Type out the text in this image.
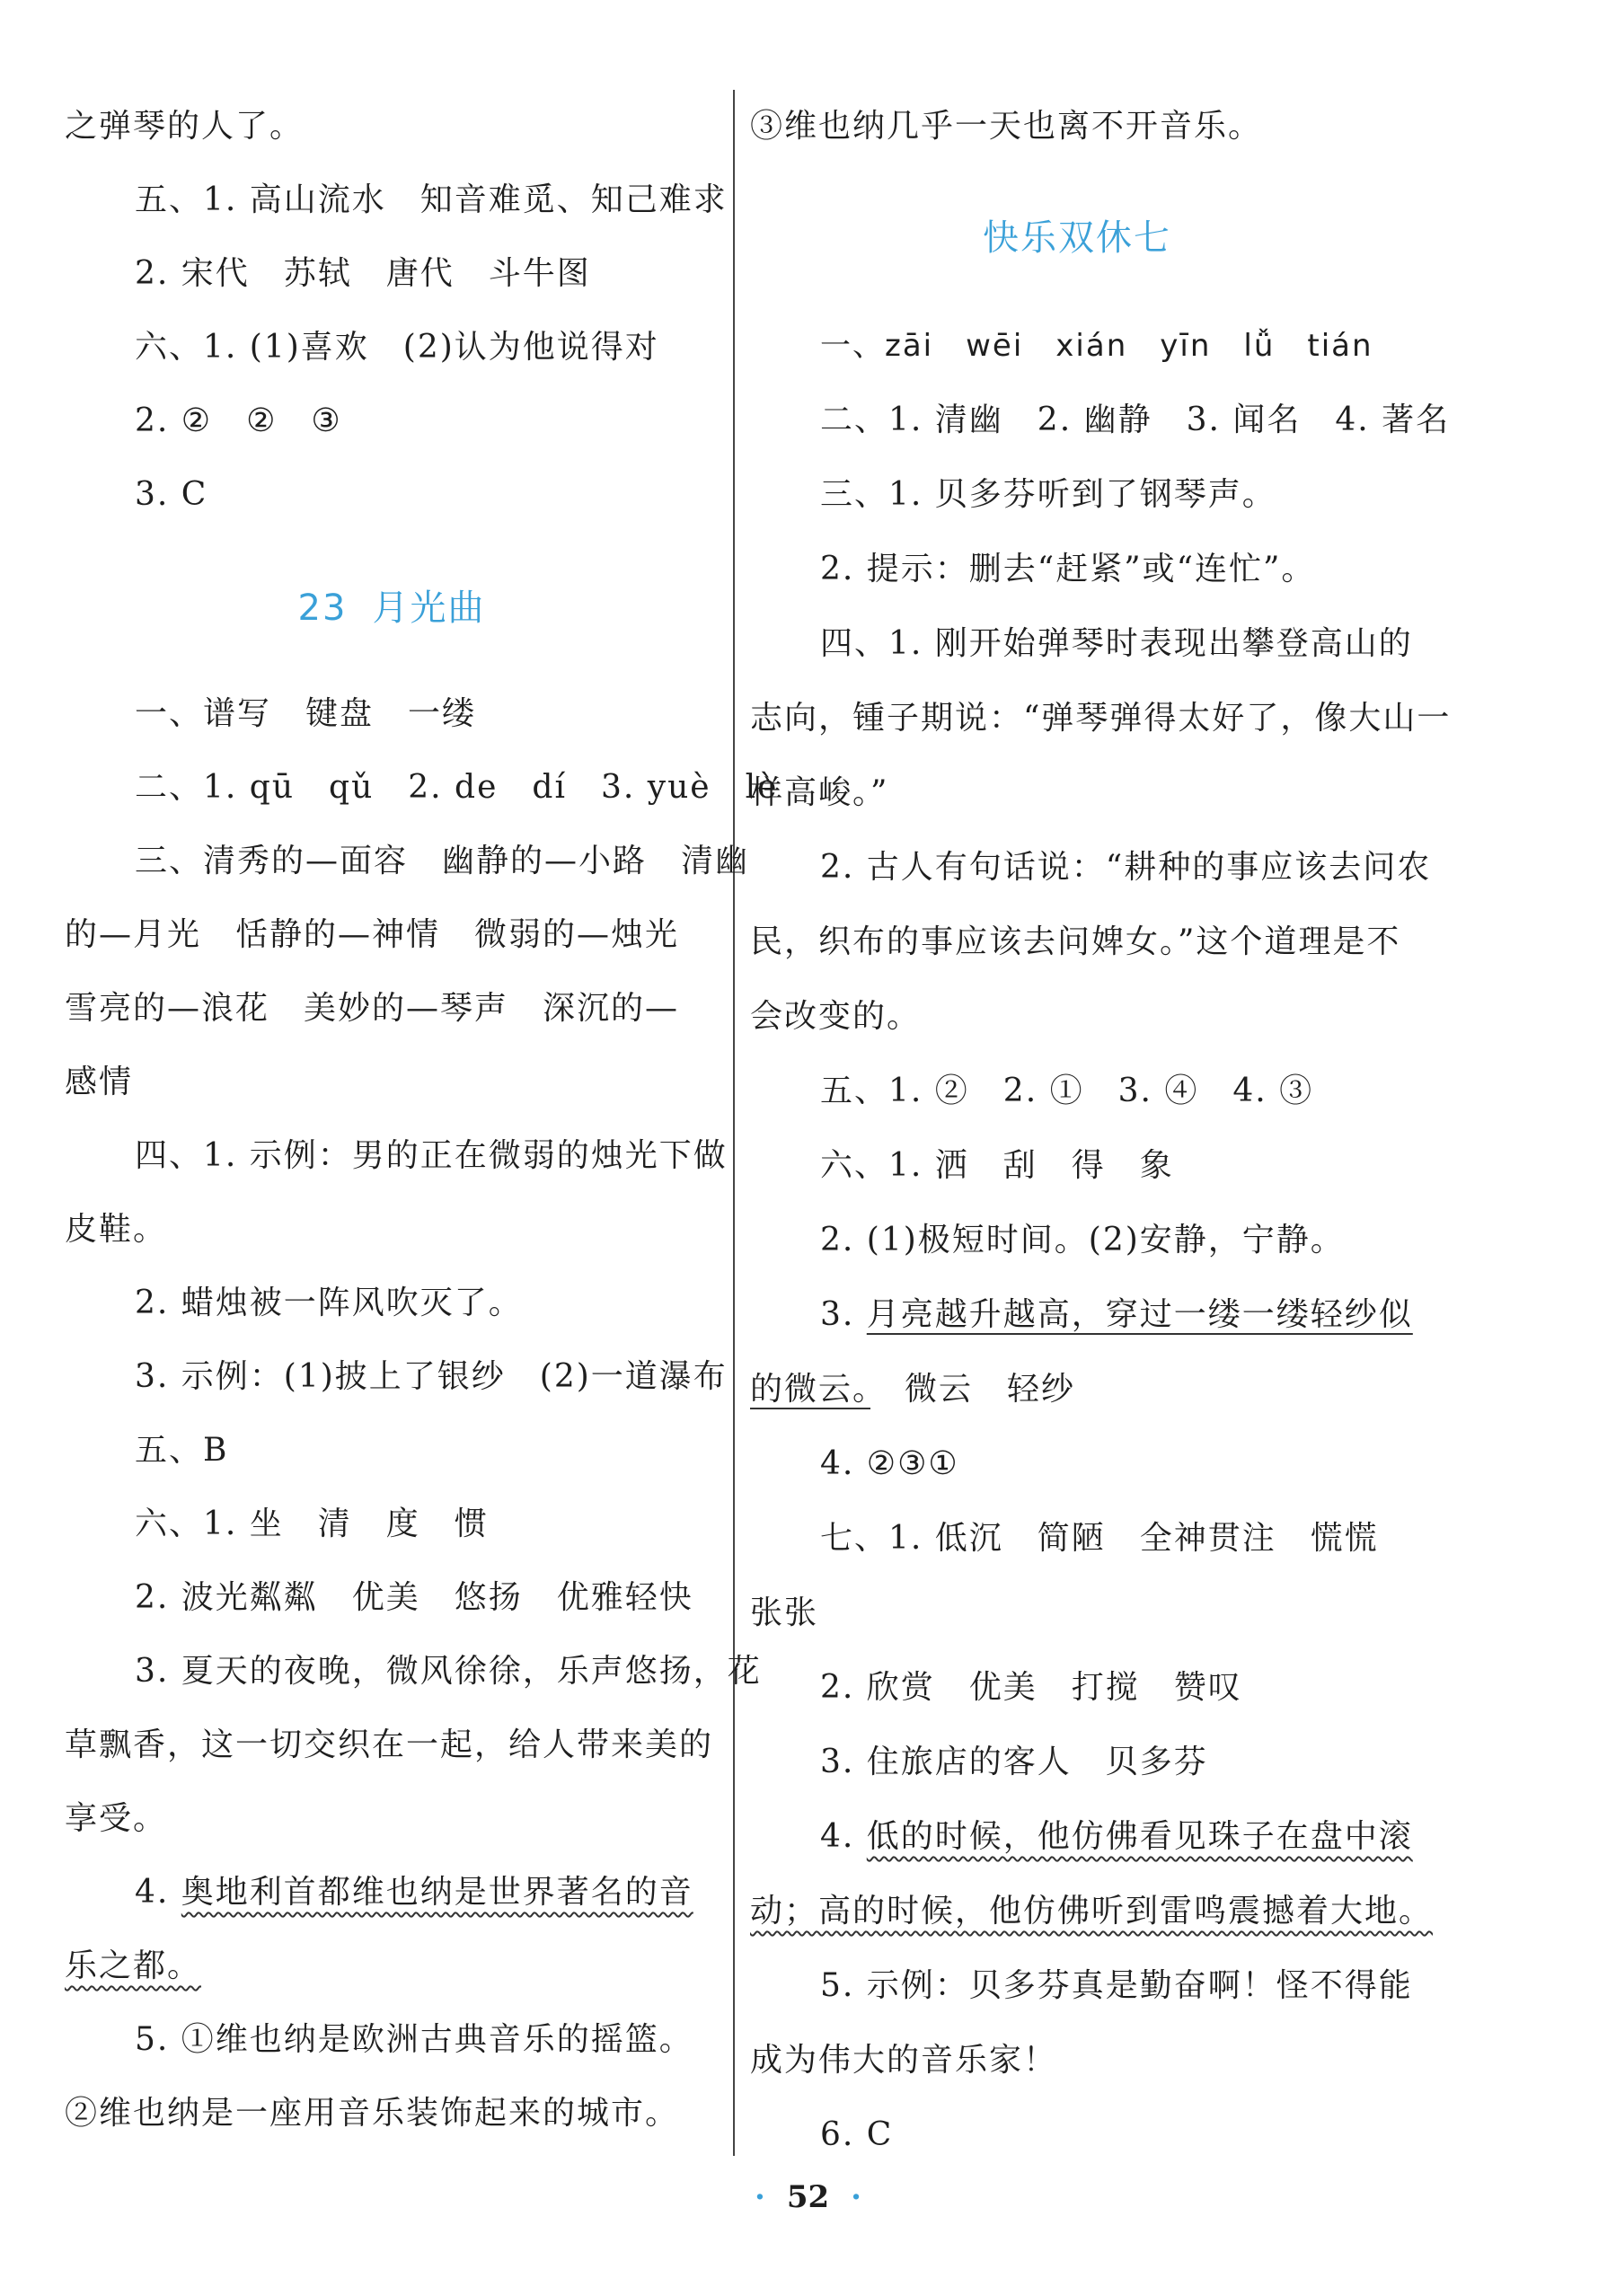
之弹琴的人了。
五、1. 高山流水　知音难觅、知己难求
2. 宋代　苏轼　唐代　斗牛图
六、1. (1)喜欢　(2)认为他说得对
2. ②　②　③
3. C
23 月光曲
一、谱写　键盘　一缕
二、1. qū　qǔ　2. de　dí　3. yuè　lè
三、清秀的—面容　幽静的—小路　清幽
的—月光　恬静的—神情　微弱的—烛光
雪亮的—浪花　美妙的—琴声　深沉的—
感情
四、1. 示例：男的正在微弱的烛光下做
皮鞋。
2. 蜡烛被一阵风吹灭了。
3. 示例：(1)披上了银纱　(2)一道瀑布
五、B
六、1. 坐　清　度　惯
2. 波光粼粼　优美　悠扬　优雅轻快
3. 夏天的夜晚，微风徐徐，乐声悠扬，花
草飘香，这一切交织在一起，给人带来美的
享受。
4. 奥地利首都维也纳是世界著名的音
乐之都。
5. ①维也纳是欧洲古典音乐的摇篮。
②维也纳是一座用音乐装饰起来的城市。
③维也纳几乎一天也离不开音乐。
快乐双休七
一、zāi　wēi　xián　yīn　lǚ　tián
二、1. 清幽　2. 幽静　3. 闻名　4. 著名
三、1. 贝多芬听到了钢琴声。
2. 提示：删去“赶紧”或“连忙”。
四、1. 刚开始弹琴时表现出攀登高山的
志向，锺子期说：“弹琴弹得太好了，像大山一
样高峻。”
2. 古人有句话说：“耕种的事应该去问农
民，织布的事应该去问婢女。”这个道理是不
会改变的。
五、1. ②　2. ①　3. ④　4. ③
六、1. 洒　刮　得　象
2. (1)极短时间。(2)安静，宁静。
3. 月亮越升越高，穿过一缕一缕轻纱似
的微云。　微云　轻纱
4. ②③①
七、1. 低沉　简陋　全神贯注　慌慌
张张
2. 欣赏　优美　打搅　赞叹
3. 住旅店的客人　贝多芬
4. 低的时候，他仿佛看见珠子在盘中滚
动；高的时候，他仿佛听到雷鸣震撼着大地。
5. 示例：贝多芬真是勤奋啊！怪不得能
成为伟大的音乐家！
6. C
· 52 ·
